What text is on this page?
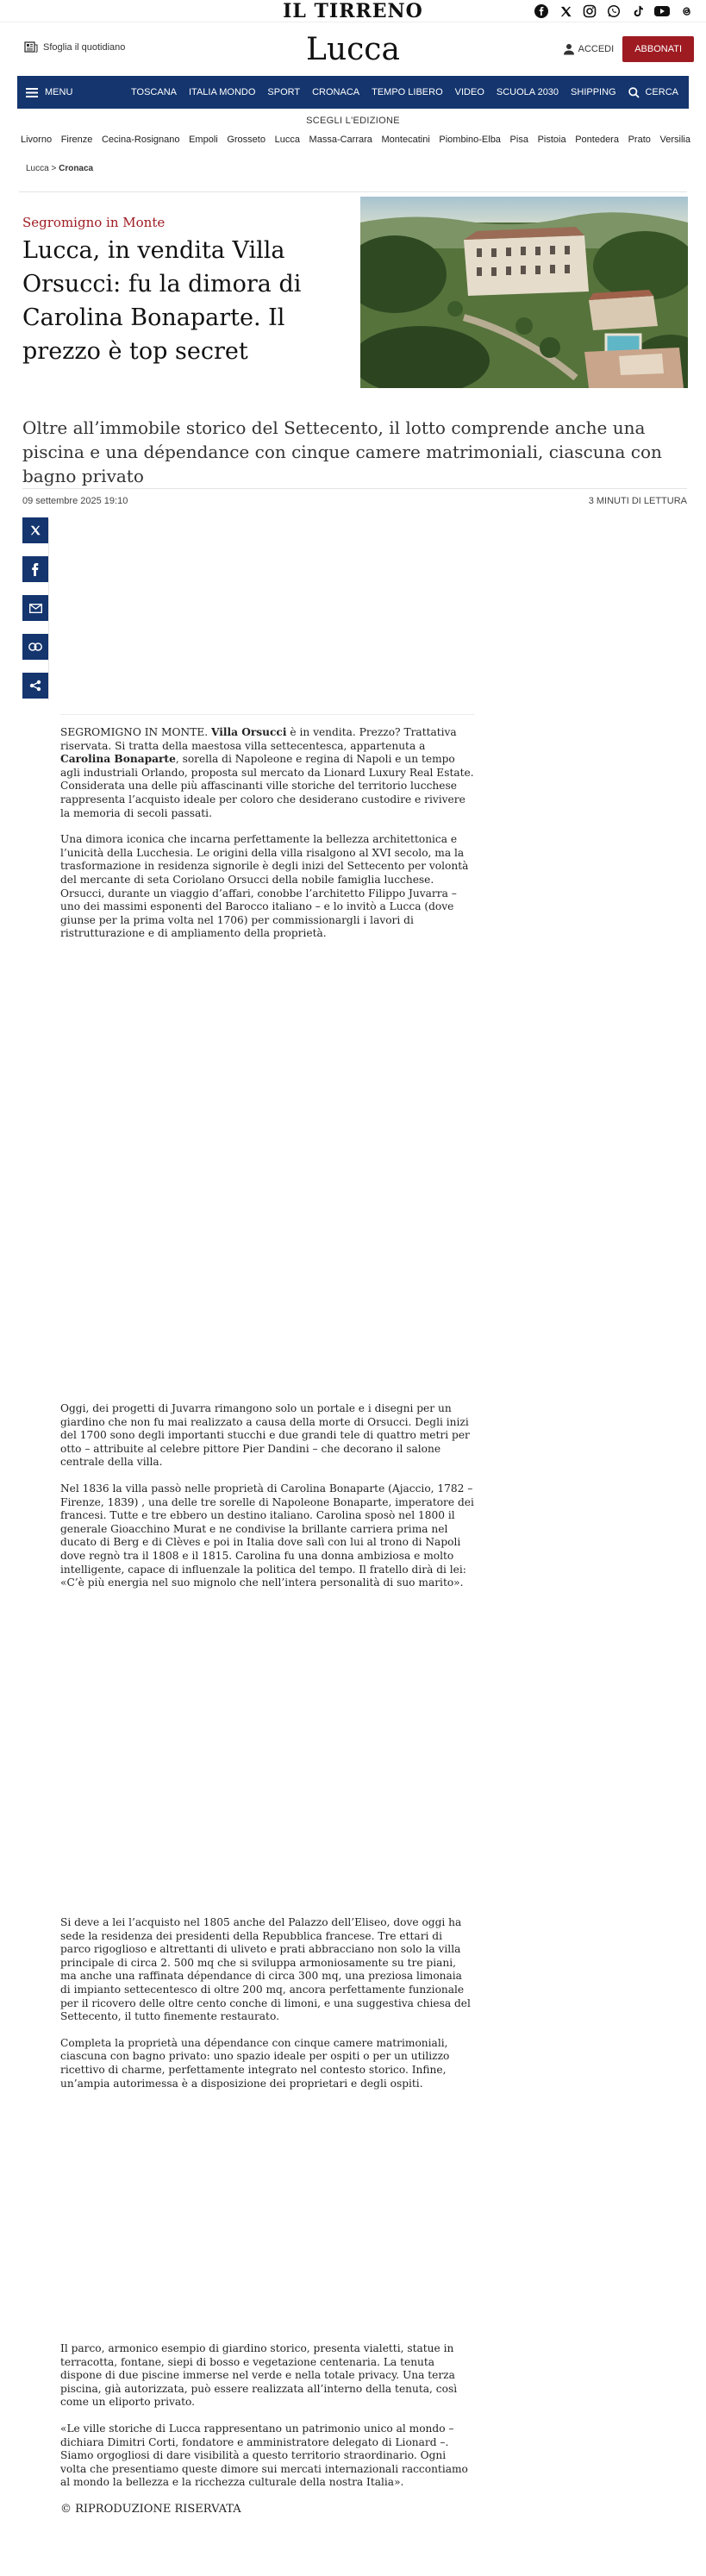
IL TIRRENO
Sfoglia il quotidiano	Lucca	ACCEDI	ABBONATI
MENU	TOSCANA ITALIA MONDO SPORT CRONACA TEMPO LIBERO VIDEO SCUOLA 2030 SHIPPING	CERCA
SCEGLI L'EDIZIONE
Livorno Firenze Cecina-Rosignano Empoli Grosseto Lucca Massa-Carrara Montecatini Piombino-Elba Pisa Pistoia Pontedera Prato Versilia
Lucca > Cronaca
Segromigno in Monte
Lucca, in vendita Villa Orsucci: fu la dimora di Carolina Bonaparte. Il prezzo è top secret
Oltre all’immobile storico del Settecento, il lotto comprende anche una piscina e una dépendance con cinque camere matrimoniali, ciascuna con bagno privato
09 settembre 2025 19:10	3 MINUTI DI LETTURA

SEGROMIGNO IN MONTE. Villa Orsucci è in vendita. Prezzo? Trattativa riservata. Si tratta della maestosa villa settecentesca, appartenuta a Carolina Bonaparte, sorella di Napoleone e regina di Napoli e un tempo agli industriali Orlando, proposta sul mercato da Lionard Luxury Real Estate. Considerata una delle più affascinanti ville storiche del territorio lucchese rappresenta l’acquisto ideale per coloro che desiderano custodire e rivivere la memoria di secoli passati.

Una dimora iconica che incarna perfettamente la bellezza architettonica e l’unicità della Lucchesia. Le origini della villa risalgono al XVI secolo, ma la trasformazione in residenza signorile è degli inizi del Settecento per volontà del mercante di seta Coriolano Orsucci della nobile famiglia lucchese. Orsucci, durante un viaggio d’affari, conobbe l’architetto Filippo Juvarra – uno dei massimi esponenti del Barocco italiano – e lo invitò a Lucca (dove giunse per la prima volta nel 1706) per commissionargli i lavori di ristrutturazione e di ampliamento della proprietà.

Oggi, dei progetti di Juvarra rimangono solo un portale e i disegni per un giardino che non fu mai realizzato a causa della morte di Orsucci. Degli inizi del 1700 sono degli importanti stucchi e due grandi tele di quattro metri per otto – attribuite al celebre pittore Pier Dandini – che decorano il salone centrale della villa.

Nel 1836 la villa passò nelle proprietà di Carolina Bonaparte (Ajaccio, 1782 – Firenze, 1839) , una delle tre sorelle di Napoleone Bonaparte, imperatore dei francesi. Tutte e tre ebbero un destino italiano. Carolina sposò nel 1800 il generale Gioacchino Murat e ne condivise la brillante carriera prima nel ducato di Berg e di Clèves e poi in Italia dove salì con lui al trono di Napoli dove regnò tra il 1808 e il 1815. Carolina fu una donna ambiziosa e molto intelligente, capace di influenzale la politica del tempo. Il fratello dirà di lei: «C’è più energia nel suo mignolo che nell’intera personalità di suo marito».

Si deve a lei l’acquisto nel 1805 anche del Palazzo dell’Eliseo, dove oggi ha sede la residenza dei presidenti della Repubblica francese. Tre ettari di parco rigoglioso e altrettanti di uliveto e prati abbracciano non solo la villa principale di circa 2. 500 mq che si sviluppa armoniosamente su tre piani, ma anche una raffinata dépendance di circa 300 mq, una preziosa limonaia di impianto settecentesco di oltre 200 mq, ancora perfettamente funzionale per il ricovero delle oltre cento conche di limoni, e una suggestiva chiesa del Settecento, il tutto finemente restaurato.

Completa la proprietà una dépendance con cinque camere matrimoniali, ciascuna con bagno privato: uno spazio ideale per ospiti o per un utilizzo ricettivo di charme, perfettamente integrato nel contesto storico. Infine, un’ampia autorimessa è a disposizione dei proprietari e degli ospiti.

Il parco, armonico esempio di giardino storico, presenta vialetti, statue in terracotta, fontane, siepi di bosso e vegetazione centenaria. La tenuta dispone di due piscine immerse nel verde e nella totale privacy. Una terza piscina, già autorizzata, può essere realizzata all’interno della tenuta, così come un eliporto privato.

«Le ville storiche di Lucca rappresentano un patrimonio unico al mondo – dichiara Dimitri Corti, fondatore e amministratore delegato di Lionard –. Siamo orgogliosi di dare visibilità a questo territorio straordinario. Ogni volta che presentiamo queste dimore sui mercati internazionali raccontiamo al mondo la bellezza e la ricchezza culturale della nostra Italia».

© RIPRODUZIONE RISERVATA
